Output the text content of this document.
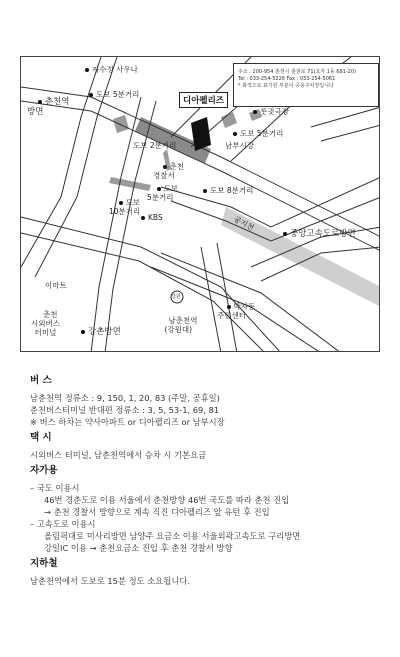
주소 : 200-954 춘천시 춘천로 71(효자 1동 681-20)
Tel : 033-254-5226 Fax : 033-254-5061
* 화색으로 표기된 부분이 공용주차장입니다
디아펠리즈
자수정 사우나

춘천역
방면

도보 5분거리
롯긧극장
도보 5분거리
남부시장
도보 2분거리

춘천
경찰서

도보
5분거리

도보
10분거리

KBS
도보 8분거리
공지천
중앙고속도로방면
이마트

춘천
시외버스
터미널
	강촌방면
강원

남춘천역
(강원대)

박자동
주민센터

버 스
남춘천역 정류소 : 9, 150, 1, 20, 83 (주말, 공휴일)
춘천버스터미널 반대편 정류소 : 3, 5, 53-1, 69, 81
※ 버스 하차는 약사아파트 or 디아펠리즈 or 남부시장
택 시
시외버스 터미널, 남춘천역에서 승차 시 기본요금
자가용
– 국도 이용시
46번 경춘도로 이용 서울에서 춘천방향 46번 국도를 따라 춘천 진입
→ 춘천 경찰서 방향으로 계속 직진 디아펠리즈 앞 유턴 후 진입
– 고속도로 이용시
올림픽대로 미사리방면 남양주 요금소 이용 서울외곽고속도로 구리방면
강일IC 이용 → 춘천요금소 진입 후 춘천 경찰서 방향
지하철
남춘천역에서 도보로 15분 정도 소요됩니다.
